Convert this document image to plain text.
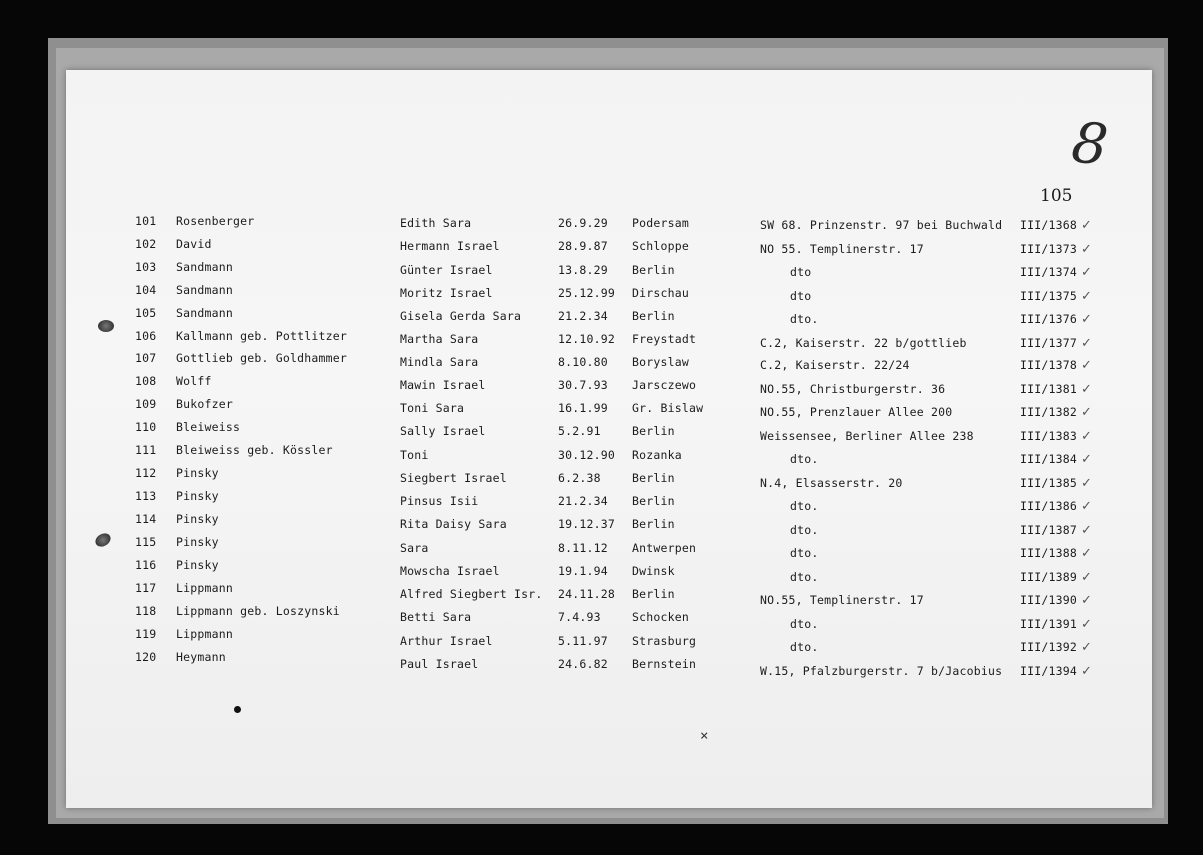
8
105
101 Rosenberger	Edith Sara	26.9.29 Podersam	SW 68. Prinzenstr. 97 bei Buchwald III/1368 ✓
102 David	Hermann Israel	28.9.87 Schloppe	NO 55. Templinerstr. 17	III/1373 ✓
103 Sandmann	Günter Israel	13.8.29 Berlin	dto	III/1374 ✓
104 Sandmann	Moritz Israel	25.12.99 Dirschau	dto	III/1375 ✓
105 Sandmann	Gisela Gerda Sara	21.2.34 Berlin	dto.	III/1376 ✓
106 Kallmann geb. Pottlitzer	Martha Sara	12.10.92 Freystadt	C.2, Kaiserstr. 22 b/gottlieb	III/1377 ✓
107 Gottlieb geb. Goldhammer	Mindla Sara	8.10.80 Boryslaw	C.2, Kaiserstr. 22/24	III/1378 ✓
108 Wolff	Mawin Israel	30.7.93 Jarsczewo	NO.55, Christburgerstr. 36	III/1381 ✓
109 Bukofzer	Toni Sara	16.1.99 Gr. Bislaw	NO.55, Prenzlauer Allee 200	III/1382 ✓
110 Bleiweiss	Sally Israel	5.2.91	Berlin	Weissensee, Berliner Allee 238	III/1383 ✓
111 Bleiweiss geb. Kössler	Toni	30.12.90 Rozanka	dto.	III/1384 ✓
112 Pinsky	Siegbert Israel	6.2.38	Berlin	N.4, Elsasserstr. 20	III/1385 ✓
113 Pinsky	Pinsus Isii	21.2.34 Berlin	dto.	III/1386 ✓
114 Pinsky	Rita Daisy Sara	19.12.37 Berlin	dto.	III/1387 ✓
115 Pinsky	Sara	8.11.12 Antwerpen	dto.	III/1388 ✓
116 Pinsky	Mowscha Israel	19.1.94 Dwinsk	dto.	III/1389 ✓
117 Lippmann	Alfred Siegbert Isr. 24.11.28 Berlin	NO.55, Templinerstr. 17	III/1390 ✓
118 Lippmann geb. Loszynski	Betti Sara	7.4.93	Schocken	dto.	III/1391 ✓
119 Lippmann	Arthur Israel	5.11.97 Strasburg	dto.	III/1392 ✓
120 Heymann	Paul Israel	24.6.82 Bernstein	W.15, Pfalzburgerstr. 7 b/Jacobius III/1394 ✓
⨯
